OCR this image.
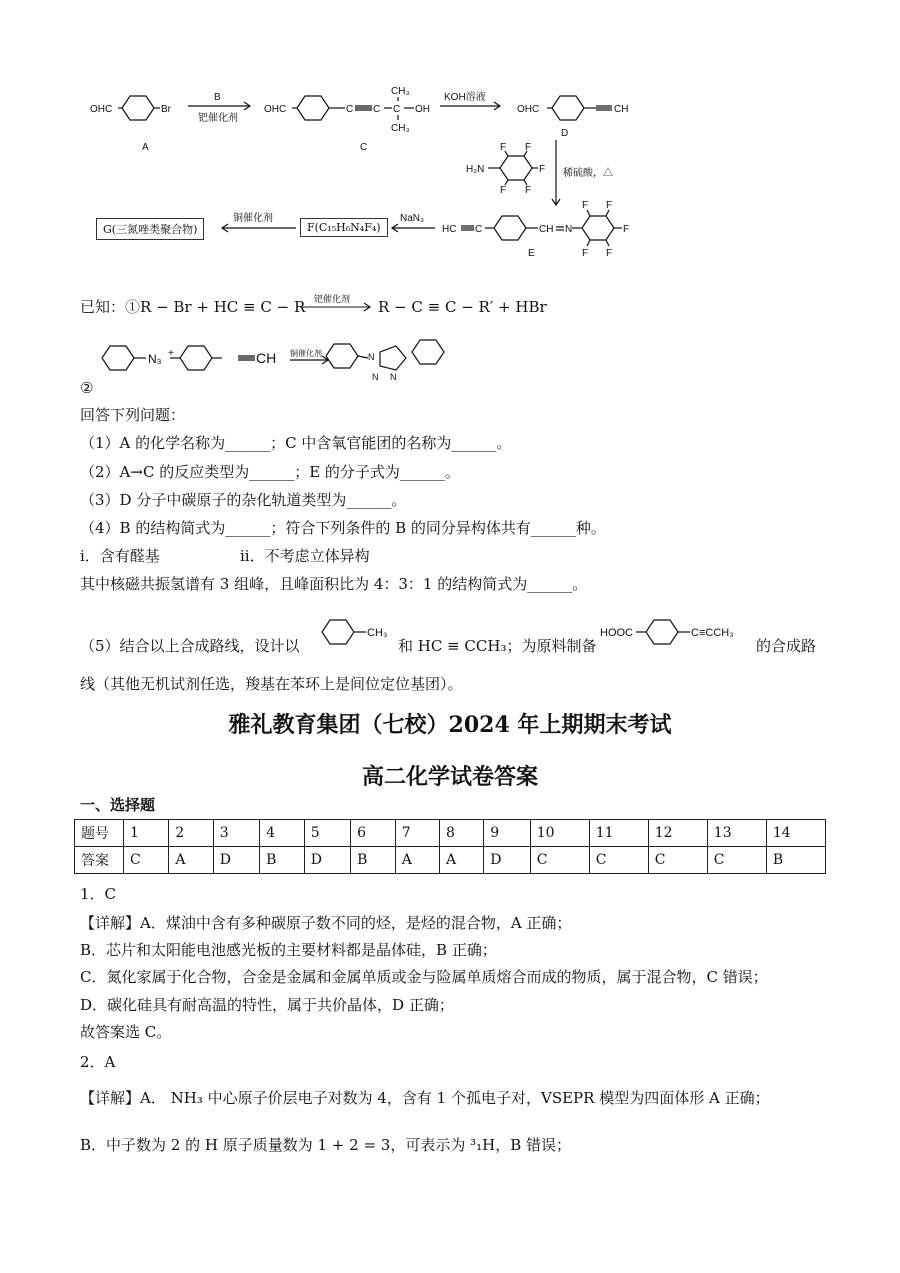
OHC	Br
A
B
钯催化剂
OHC	C C
CH₃
C
CH₃
OH
C
KOH溶液
OHC	CH
D
H₂N
F F
F F
F 稀硫酸，△
HC C	CH N
F F
F F
F
E
NaN₃
铜催化剂
F(C₁₅H₆N₄F₄)
G(三氮唑类聚合物)
已知：①R − Br + HC ≡ C − R 钯催化剂 R − C ≡ C − R′ + HBr
N₃ +	CH 铜催化剂	N
N N
②
回答下列问题：
（1）A 的化学名称为______；C 中含氧官能团的名称为______。
（2）A→C 的反应类型为______；E 的分子式为______。
（3）D 分子中碳原子的杂化轨道类型为______。
（4）B 的结构简式为______；符合下列条件的 B 的同分异构体共有______种。
i．含有醛基	ii．不考虑立体异构
其中核磁共振氢谱有 3 组峰，且峰面积比为 4：3：1 的结构简式为______。
（5）结合以上合成路线，设计以
CH₃
和 HC ≡ CCH₃；为原料制备
HOOC	C≡CCH₃
的合成路
线（其他无机试剂任选，羧基在苯环上是间位定位基团）。
雅礼教育集团（七校）2024 年上期期末考试
高二化学试卷答案
一、选择题
题号	1	2	3	4	5	6	7	8	9	10	11	12	13	14
答案	C	A	D	B	D	B	A	A	D	C	C	C	C	B
1．C
【详解】A．煤油中含有多种碳原子数不同的烃，是烃的混合物，A 正确；
B．芯片和太阳能电池感光板的主要材料都是晶体硅，B 正确；
C．氮化家属于化合物，合金是金属和金属单质或金与险属单质熔合而成的物质，属于混合物，C 错误；
D．碳化硅具有耐高温的特性，属于共价晶体，D 正确；
故答案选 C。
2．A
【详解】A． NH₃ 中心原子价层电子对数为 4，含有 1 个孤电子对，VSEPR 模型为四面体形 A 正确；
B．中子数为 2 的 H 原子质量数为 1 + 2 = 3，可表示为 ³₁H，B 错误；
